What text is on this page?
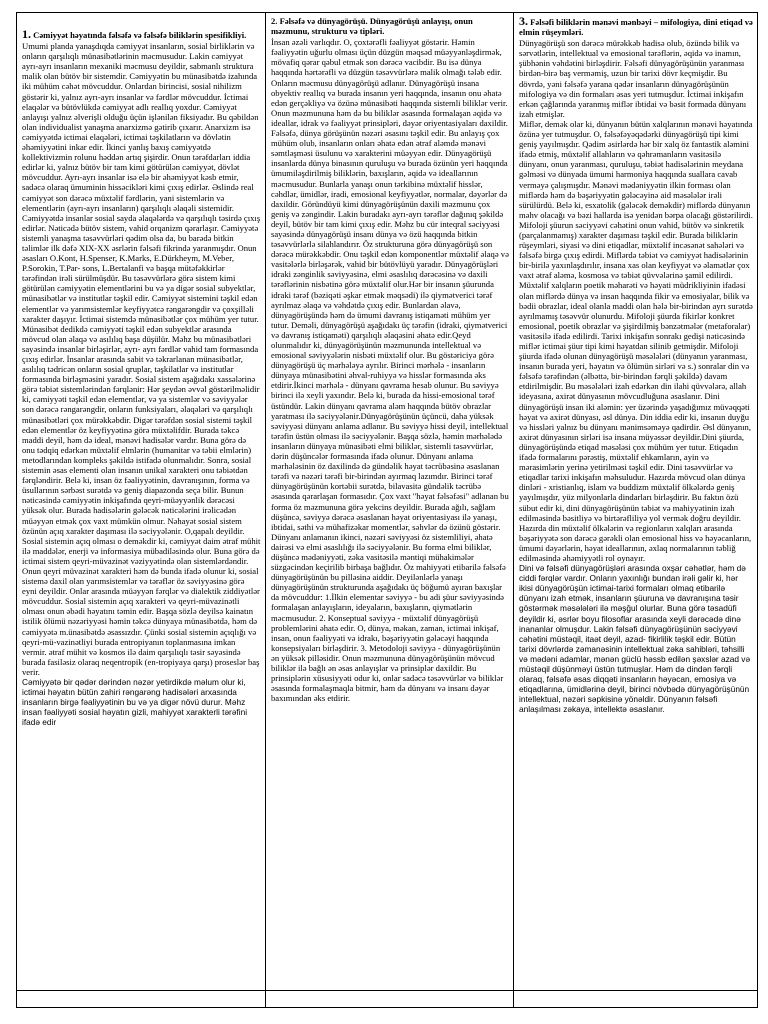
1. Cəmiyyət həyatında fəlsəfə və fəlsəfə biliklərin spesifikliyi.

Umumi planda yanaşdıqda cəmiyyət insanların, sosial birliklərin və onların qarşılıqlı münasibətlərinin məcmusudur. Lakin cəmiyyət ayrı-ayrı insanların mexaniki məcmusu deyildir, sabmanlı struktura malik olan bütöv bir sistemdir. Cəmiyyətin bu münasibətdə izahında iki mühüm cəhət mövcuddur. Onlardan birincisi, sosial nihilizm göstərir ki, yalnız ayrı-ayrı insanlar və fərdlər mövcuddur. İctimai elaqələr və bütövlükdə cəmiyyət adlı reallıq yoxdur. Cəmiyyət anlayışı yalnız əlverişli olduğu üçün işlənilən fiksiyadır. Bu qəbildən olan individualist yanaşma anarxizmə gətirib çıxarır. Anarxizm isə cəmiyyətdə ictimai elaqələri, ictimai təşkilatların və dövlətin əhəmiyyətini inkar edir. İkinci yanlış baxış cəmiyyətdə kollektivizmin rolunu həddən artıq şişirdir. Onun tərəfdarları iddia edirlər ki, yalnız bütöv bir tam kimi götürülən cəmiyyət, dövlət mövcuddur. Ayrı-ayrı insanlar isə elə bir əhəmiyyət kəsb etmir, sadəcə olaraq ümuminin hissəcikləri kimi çıxış edirlər. Əslində real cəmiyyət son dərəcə müxtəlif fərdlərin, yani sistemlərin və elementlərin (ayrı-ayrı insanların) qarşılıqlı əlaqəli sistemidir. Cəmiyyətdə insanlar sosial sayda əlaqələrdə və qarşılıqlı təsirdə çıxış edirlər. Nəticədə bütöv sistem, vahid orqanizm qərarlaşır. Cəmiyyətə sistemli yanaşma təsəvvürləri qədim olsa da, bu barədə bitkin təlimlər ilk dəfə XIX-XX əsrlərin fəlsəfi fikrində yaranmışdır. Onun əsasları O.Kont, H.Spenser, K.Marks, E.Dürkheym, M.Veber, P.Sorokin, T.Par- sons, L.Bertalanfi və başqa mütəfəkkirlər tərəfindən irəli sürülmüşdür. Bu təsəvvürlərə görə sistem kimi götürülən cəmiyyətin elementlərini bu və ya digər sosial subyektlər, münasibətlər və institutlar təşkil edir. Cəmiyyət sistemini təşkil edən elementlər və yarımsistemlər keyfiyyətcə rəngarəngdir və çoxşilləli xarakter daşıyır. İctimai sistemdə münasibətlər çox mühüm yer tutur. Münasibət dedikdə cəmiyyəti təşkil edən subyektlər arasında mövcud olan əlaqə və asılılıq başa düşülür. Məhz bu münasibətləri sayəsində insanlar birləşirlər, ayrı- ayrı fərdlər vahid tam formasında çıxış edirlər. İnsanlar arasında sabit və təkrarlanan münasibətlər, asılılıq tədricən onların sosial qruplar, təşkilatlar və institutlar formasında birləşməsini yaradır. Sosial sistem aşağıdakı xassələrinə görə təbiət sistemlərindən fərqlənir: Hər şeydən əvvəl göstərilməlidir ki, cəmiyyəti təşkil edən elementlər, və ya sistemlər və səviyyələr son dərəcə rəngarəngdir, onların funksiyaları, əlaqələri və qarşılıqlı münasibətləri çox mürəkkəbdir. Digər tərəfdən sosial sistemi təşkil edən elementlər öz keyfiyyətinə görə müxtəlifdir. Burada təkcə maddi deyil, həm də ideal, mənəvi hadisələr vardır. Buna görə də onu tədqiq edərkən müxtəlif elmlərin (humanitar və təbii elmlərin) metodlarından kompleks şəkildə istifadə olunmalıdır. Sonra, sosial sistemin əsas elementi olan insanın unikal xarakteri onu təbiətdən fərqləndirir. Belə ki, insan öz fəaliyyətinin, davranışının, forma və üsullarının sərbəst surətdə və geniş diapazonda seçə bilir. Bunun nəticəsində cəmiyyətin inkişafında qeyri-müəyyənlik dərəcəsi yüksək olur. Burada hadisələrin gələcək nəticələrini irəlicədən müəyyən etmək çox vaxt mümkün olmur. Nəhayət sosial sistem özünün açıq xarakter daşıması ilə səciyyələnir. O,qapalı deyildir. Sosial sistemin açıq olması o deməkdir ki, cəmiyyət daim ətraf mühit ilə maddələr, enerji və informasiya mübadiləsində olur. Buna görə də ictimai sistem qeyri-müvazinət vəziyyətində olan sistemlərdəndir. Onun qeyri müvazinət xarakteri həm də bunda ifadə olunur ki, sosial sistemə daxil olan yarımsistemlər və tərəflər öz səviyyəsinə görə eyni deyildir. Onlar arasında müəyyən fərqlər və dialektik ziddiyətlər mövcuddur. Sosial sistemin açıq xarakteri və qeyri-müvazinətli olması onun əbədi həyatını təmin edir. Başqa sözlə deyilsə kainatın istilik ölümü nəzəriyyəsi həmin təkcə dünyaya münasibətdə, həm də cəmiyyətə m.ünasibətdə əsassızdır. Çünki sosial sistemin açıqlığı və qeyri-mü-vazinətliyi burada entropiyanın toplanmasına imkan vermir. ətraf mühit və kosmos ilə daim qarşılıqlı təsir səyəsində burada fasiləsiz olaraq neqentropik (en-tropiyaya qarşı) proseslər baş verir.

Cəmiyyətə bir qədər dərindən nəzər yetirdikdə məlum olur ki, ictimai həyatın bütün zahiri rəngarəng hadisələri arxasında insanların birgə fəaliyyətinin bu və ya digər növü durur. Məhz insan fəaliyyəti sosial həyatın gizli, mahiyyət xarakterli tərəfini ifadə edir

2. Fəlsəfə və dünyagörüşü. Dünyagörüşü anlayışı, onun məzmunu, strukturu və tipləri.

İnsan əzəli varlıqdır. O, çoxtərəfli fəaliyyət göstərir. Həmin fəaliyyətin uğurlu olması üçün düzgün məqsəd müəyyənləşdirmək, mövafiq qərar qəbul etmək son dərəcə vacibdir. Bu isə dünya haqqında hərtərəfli və düzgün təsəvvürlərə malik olmağı tələb edir. Onların məcmusu dünyagörüşü adlanır. Dünyagörüşü insana obyektiv reallıq və burada insanın yeri haqqında, insanın onu əhatə edən gerçəkliyə və özünə münasibəti haqqında sistemli biliklər verir. Onun məzmununa həm də bu biliklər əsasında formalaşan əqidə və ideallar, idrak və fəaliyyət prinsipləri, dəyər oriyentasiyaları daxildir. Fəlsəfə, dünya görüşünün nəzəri əsasını təşkil edir. Bu anlayış çox mühüm olub, insanların onları əhatə edən ətraf aləmdə mənəvi səmtləşməsi üsulunu və xarakterini müəyyən edir. Dünyagörüşü insanlarda dünya binasının quruluşu və burada özünün yeri haqqında ümumiləşdirilmiş biliklərin, baxışların, əqidə və ideallarının məcmusudur. Bunlarla yanaşı onun tərkibinə müxtəlif hisslər, cəhdlər, ümidlər, iradi, emosional keyfiyyətlər, normalar, dəyərlər də daxildir. Göründüyü kimi dünyagörüşünün daxili məzmunu çox geniş və zəngindir. Lakin buradakı ayrı-ayrı tərəflər dağınıq şəkildə deyil, bütöv bir tam kimi çıxış edir. Məhz bu cür inteqral səciyyəsi sayəsində dünyagörüşü insanı dünya və özü haqqında bitkin təsəvvürlərlə silahlandırır. Öz strukturuna görə dünyagörüşü son dərəcə mürəkkəbdir. Onu təşkil edən komponentlər müxtəlif əlaqə və vasitələrlə birləşərək, vahid bir bütövlüyü yaradır. Dünyagörüşləri idraki zənginlik səviyyəsinə, elmi əsaslılıq dərəcəsinə və daxili tərəflərinin nisbətinə görə müxtəlif olur.Hər bir insanın şüurunda idraki tərəf (bəziqəti əşkar etmək məqsədi) ilə qiymətverici tərəf ayrılmaz əlaqə və vəhdətdə çıxış edir. Bunlardan əlavə, dünyagörüşündə həm də ümumi davranış istiqaməti mühüm yer tutur. Deməli, dünyagörüşü aşağıdakı üç tərəfin (idraki, qiymətverici və davranış istiqaməti) qarşılıqlı əlaqəsini əhatə edir.Qeyd olunmalıdır ki, dünyagörüşünün məzmununda intellektual və emosional səviyyələrin nisbəti müxtəlif olur. Bu göstəriciyə görə dünyagörüşü üç mərhələyə ayrılır. Birinci mərhələ - insanların dünyaya münasibətini əhval-ruhiyyə və hisslər formasında əks etdirir.İkinci mərhələ - dünyanı qavrama hesab olunur. Bu səviyyə birinci ilə xeyli yaxındır. Belə ki, burada da hissi-emosional tərəf üstündür. Lakin dünyanı qavrama aləm haqqında bütöv obrazlar yaratması ilə səciyyələnir.Dünyagörüşünün üçüncü, daha yüksək səviyyəsi dünyanı anlama adlanır. Bu səviyyə hissi deyil, intellektual tərəfin üstün olması ilə səciyyələnir. Başqa sözlə, həmin mərhələdə insanların dünyaya münasibəti elmi biliklər, sistemli təsəvvürlər, dərin düşüncələr formasında ifadə olunur. Dünyanı anlama mərhələsinin öz daxilində də gündəlik həyat təcrübəsinə əsaslanan tərəfi və nəzəri tərəfi bir-birindən ayırmaq lazımdır. Birinci tərəf dünyagörüşünün kortəbii surətdə, bilavasitə gündəlik təcrübə əsasında qərarlaşan formasıdır. Çox vaxt "həyat fəlsəfəsi" adlanan bu forma öz məzmununa görə yekcins deyildir. Burada ağılı, sağlam düşüncə, səviyyə dərəcə əsaslanan həyat oriyentasiyası ilə yanaşı, ibtidai, səthi və mühafizəkar momentlər, səhvlər də özünü göstərir. Dünyanı anlamanın ikinci, nəzəri səviyyəsi öz sistemliliyi, əhatə dairəsi və elmi əsaslılığı ilə səciyyələnir. Bu forma elmi biliklər, düşüncə mədəniyyəti, zəka vasitəsilə məntiqi mühakimələr süzgəcindən keçirilib birbaşa bağlıdır. Öz mahiyyəti etibarilə fəlsəfə dünyagörüşünün bu pilləsinə aiddir. Deyilənlərlə yanaşı dünyagörüşünün strukturunda aşağıdakı üç böğumü ayıran baxışlar da mövcuddur: 1.İlkin elementar səviyyə - bu adi şüur səviyyəsində formalaşan anlayışların, ideyaların, baxışların, qiymətlərin məcmusudur. 2. Konseptual səviyyə - müxtəlif dünyagörüşü problemlərini əhatə edir. O, dünya, məkan, zaman, ictimai inkişaf, insan, onun fəaliyyəti və idrakı, bəşəriyyətin gələcəyi haqqında konsepsiyaları birləşdirir. 3. Metodoloji səviyyə - dünyagörüşünün ən yüksək pilləsidir. Onun məzmununa dünyagörüşünün mövcud biliklər ilə bağlı ən əsas anlayışlar və prinsiplər daxildir. Bu prinsiplərin xüsusiyyəti odur ki, onlar sadəcə təsəvvürlər və biliklər əsasında formalaşmaqla bitmir, həm də dünyanı və insanı dəyər baxımından əks etdirir.

3. Fəlsəfi biliklərin mənəvi mənbəyi – mifologiya, dini etiqad və elmin rüşeymləri.

Dünyagörüşü son dərəcə mürəkkəb hadisə olub, özündə bilik və sərvətlərin, intellektual və emosional tərəflərin, əqidə və inamın, şübhənin vəhdətini birləşdirir. Fəlsəfi dünyagörüşünün yaranması birdən-birə baş verməmiş, uzun bir tarixi dövr keçmişdir. Bu dövrdə, yəni fəlsəfə yarana qədər insanların dünyagörüşünün mifologiya və din formaları əsas yeri tutmuşdur. İctimai inkişafın erkən çağlarında yaranmış miflər ibtidai və bəsit formada dünyanı izah etmişlər.
Miflər, demək olar ki, dünyanın bütün xalqlarının mənəvi həyatında özünə yer tutmuşdur. O, fəlsəfəyəqədərki dünyagörüşü tipi kimi geniş yayılmışdır. Qədim əsirlərdə hər bir xalq öz fantastik aləmini ifadə etmiş, müxtəlif allahların və qəhrəmanların vasitəsilə dünyanı, onun yaranması, quruluşu, təbiət hadisələrinin meydana gəlməsi və dünyada ümumi harmoniya haqqında suallara cavab verməyə çalışmışdır. Mənəvi mədəniyyətin ilkin forması olan miflərdə həm də bəşəriyyətin gələcəyinə aid məsələlər irəli sürülürdü. Belə ki, esxatolik (gələcək deməkdir) miflərdə dünyanın məhv olacağı və bəzi hallarda isə yenidən bərpa olacağı göstərilirdi. Mifoloji şüurun səciyyəvi cəhətini onun vahid, bütöv və sinkretik (parçalanmamış) xarakter daşıması təşkil edir. Burada biliklərin rüşeymləri, siyasi və dini etiqadlar, müxtəlif incəsənət sahələri və fəlsəfə birgə çıxış edirdi. Miflərdə təbiət və cəmiyyət hadisələrinin bir-birilə yaxınlaşdırılır, insana xas olan keyfiyyət və əlamətlər çox vaxt ətraf aləmə, kosmosa və təbiət qüvvələrinə şamil edilirdi. Müxtəlif xalqların poetik məharəti və həyati müdrikliyinin ifadəsi olan miflərdə dünya və insan haqqında fikir və emosiyalar, bilik və bədii obrazlar, ideal olanla maddi olan hələ bir-birindən ayrı surətdə ayrılmamış təsəvvür olunurdu. Mifoloji şüurda fikirlər konkret emosional, poetik obrazlar və şişirdilmiş bənzətmələr (metaforalar) vasitəsilə ifadə edilirdi. Tarixi inkişafın sonrakı gedişi nəticəsində miflər ictimai şüur tipi kimi həyatdan silinib getmişdir. Mifoloji şüurda ifadə olunan dünyagörüşü məsələləri (dünyanın yaranması, insanın burada yeri, həyatın və ölümün sirləri və s.) sonralar din və fəlsəfə tərəfindən (əlbəttə, bir-birindən fərqli şəkildə) davam etdirilmişdir. Bu məsələləri izah edərkən din ilahi qüvvələrə, allah ideyasına, axirət dünyasının mövcudluğuna əsaslanır. Dini dünyagörüşü insan iki aləmin: yer üzərində yaşadığımız müvəqqəti həyat və axirət dünyası, əsl dünya. Din iddia edir ki, insanın duyğu və hissləri yalnız bu dünyanı mənimsəməyə qadirdir. Əsl dünyanın, axirət dünyasının sirləri isə insana müyəssər deyildir.Dini şüurda, dünyagörüşündə etiqad məsələsi çox mühüm yer tutur. Etiqadın ifadə formalarını pərəstiş, müxtəlif ehkamların, ayin və mərasimlərin yerinə yetirilməsi təşkil edir. Dini təsəvvürlər və etiqadlar tarixi inkişafın məhsuludur. Hazırda mövcud olan dünya dinləri - xristianlıq, islam və buddizm müxtəlif ölkələrdə geniş yayılmışdır, yüz milyonlarla dindarları birləşdirir. Bu faktın özü sübut edir ki, dini dünyagörüşünün təbiət və mahiyyətinin izah edilməsində bəsitliyə və birtərəfliliyə yol vermək doğru deyildir. Hazırda din müxtəlif ölkələrin və regionların xalqları arasında bəşəriyyətə son dərəcə gərəkli olan emosional hiss və həyəcanların, ümumi dəyərlərin, həyat ideallarının, əxlaq normalarının təbliğ edilməsində əhəmiyyətli rol oynayır.

Dini və fəlsəfi dünyagörüşləri arasında oxşar cəhətlər, həm də ciddi fərqlər vardır. Onların yaxınlığı bundan irəli gəlir ki, hər ikisi dünyagörüşün ictimai-tarixi formaları olmaq etibarilə dünyanı izah etmək, insanların şüuruna və davranışına təsir göstərmək məsələləri ilə məşğul olurlar. Buna görə təsadüfi deyildir ki, əsrlər boyu filosoflar arasında xeyli dərəcədə dinə inananlar olmuşdur. Lakin fəlsəfi dünyagörüşünün səciyyəvi cəhətini müstəqil, itaət deyil, azad- fikirlilik təşkil edir. Bütün tarixi dövrlərdə zəmanəsinin intellektual zəka sahibləri, təhsilli və mədəni adamlar, mənən güclü həssb edilən şəxslər azad və müstəqil düşünməyi üstün tutmuşlar. Həm də dindən fərqli olaraq, fəlsəfə əsas diqqəti insanların həyəcan, emosiya və etiqadlarına, ümidlərinə deyil, birinci növbədə dünyagörüşünün intellektual, nəzəri səpkisinə yönəldir. Dünyanın fəlsəfi anlaşılması zəkaya, intellektə əsaslanır.
